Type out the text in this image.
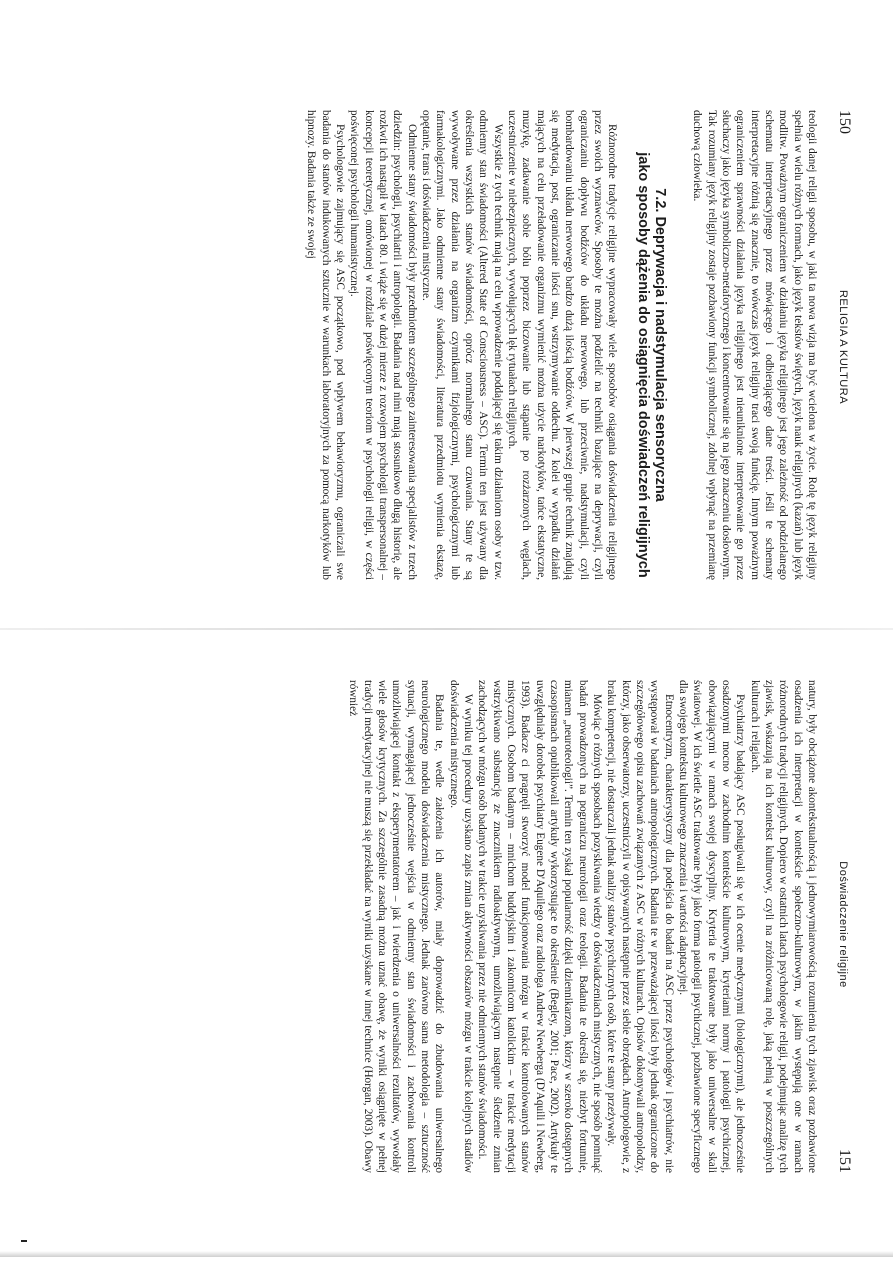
150
RELIGIA A KULTURA

teologii danej religii sposobu, w jaki ta nowa wizja ma być wcielona w życie. Rolę tę język religijny spełnia w wielu różnych formach, jako język tekstów świętych, język nauk religijnych (kazań) lub język modlitw. Poważnym ograniczeniem w działaniu języka religijnego jest jego zależność od podzielanego schematu interpretacyjnego przez mówiącego i odbierającego dane treści. Jeśli te schematy interpretacyjne różnią się znacznie, to wówczas język religijny traci swoją funkcję. Innym poważnym ograniczeniem sprawności działania języka religijnego jest nieuniknione interpretowanie go przez słuchaczy jako języka symboliczno-metaforycznego i koncentrowanie się na jego znaczeniu dosłownym. Tak rozumiany język religijny zostaje pozbawiony funkcji symbolicznej, zdolnej wpłynąć na przemianę duchową człowieka.

7.2. Deprywacja i nadstymulacja sensoryczna
jako sposoby dążenia do osiągnięcia doświadczeń religijnych

Różnorodne tradycje religijne wypracowały wiele sposobów osiągania doświadczenia religijnego przez swoich wyznawców. Sposoby te można podzielić na techniki bazujące na deprywacji, czyli ograniczaniu dopływu bodźców do układu nerwowego, lub przeciwnie, nadstymulacji, czyli bombardowaniu układu nerwowego bardzo dużą ilością bodźców. W pierwszej grupie technik znajdują się medytacja, post, ograniczanie ilości snu, wstrzymywanie oddechu. Z kolei w wypadku działań mających na celu przeładowanie organizmu wymienić można użycie narkotyków, tańce ekstatyczne, muzykę, zadawanie sobie bólu poprzez biczowanie lub stąpanie po rozżarzonych węglach, uczestniczenie w niebezpiecznych, wywołujących lęk rytuałach religijnych.

Wszystkie z tych technik mają na celu wprowadzenie poddającej się takim działaniom osoby w tzw. odmienny stan świadomości (Altered State of Consciousness – ASC). Termin ten jest używany dla określenia wszystkich stanów świadomości, oprócz normalnego stanu czuwania. Stany te są wywoływane przez działania na organizm czynnikami fizjologicznymi, psychologicznymi lub farmakologicznymi. Jako odmienne stany świadomości, literatura przedmiotu wymienia ekstazę, opętanie, trans i doświadczenia mistyczne.

Odmienne stany świadomości były przedmiotem szczególnego zainteresowania specjalistów z trzech dziedzin: psychologii, psychiatrii i antropologii. Badania nad nimi mają stosunkowo długą historię, ale rozkwit ich nastąpił w latach 80. i wiąże się w dużej mierze z rozwojem psychologii transpersonalnej – koncepcji teoretycznej, omówionej w rozdziale poświęconym teoriom w psychologii religii, w części poświęconej psychologii humanistycznej.

Psychologowie zajmujący się ASC początkowo, pod wpływem behawioryzmu, ograniczali swe badania do stanów indukowanych sztucznie w warunkach laboratoryjnych za pomocą narkotyków lub hipnozy. Badania także ze swojej

Doświadczenie religijne
151

natury, były obciążone akontekstualnością i jednowymiarowością rozumienia tych zjawisk oraz pozbawione osadzenia ich interpretacji w kontekście społeczno-kulturowym, w jakim występują one w ramach różnorodnych tradycji religijnych. Dopiero w ostatnich latach psychologowie religii, podejmując analizę tych zjawisk, wskazują na ich kontekst kulturowy, czyli na zróżnicowaną rolę, jaką pełnią w poszczególnych kulturach i religiach.

Psychiatrzy badający ASC posługiwali się w ich ocenie medycznymi (biologicznymi), ale jednocześnie osadzonymi mocno w zachodnim kontekście kulturowym, kryteriami normy i patologii psychicznej, obowiązującymi w ramach swojej dyscypliny. Kryteria te traktowane były jako uniwersalne w skali światowej. W ich świetle ASC traktowane były jako forma patologii psychicznej, pozbawione specyficznego dla swojego kontekstu kulturowego znaczenia i wartości adaptacyjnej.

Etnocentryzm, charakterystyczny dla podejścia do badań na ASC przez psychologów i psychiatrów, nie występował w badaniach antropologicznych. Badania te w przeważającej ilości były jednak ograniczone do szczegółowego opisu zachowań związanych z ASC w różnych kulturach. Opisów dokonywali antropolodzy, którzy, jako obserwatorzy, uczestniczyli w opisywanych następnie przez siebie obrzędach. Antropologowie, z braku kompetencji, nie dostarczali jednak analizy stanów psychicznych osób, które te stany przeżywały.

Mówiąc o różnych sposobach pozyskiwania wiedzy o doświadczeniach mistycznych, nie sposób pominąć badań prowadzonych na pograniczu neurologii oraz teologii. Badania te określa się, niezbyt fortunnie, mianem „neuroteologii”. Termin ten zyskał popularność dzięki dziennikarzom, którzy w szeroko dostępnych czasopismach opublikowali artykuły wykorzystujące to określenie (Begley, 2001; Pace, 2002). Artykuły te uwzględniały dorobek psychiatry Eugene D'Aquilego oraz radiologa Andrew Newberga (D'Aquili i Newberg, 1993). Badacze ci pragnęli stworzyć model funkcjonowania mózgu w trakcie kontrolowanych stanów mistycznych. Osobom badanym – mnichom buddyjskim i zakonnicom katolickim – w trakcie medytacji wstrzykiwano substancję ze znacznikiem radioaktywnym, umożliwiającym następnie śledzenie zmian zachodzących w mózgu osób badanych w trakcie uzyskiwania przez nie odmiennych stanów świadomości.

W wyniku tej procedury uzyskano zapis zmian aktywności obszarów mózgu w trakcie kolejnych stadiów doświadczenia mistycznego.

Badania te, wedle założenia ich autorów, miały doprowadzić do zbudowania uniwersalnego neurologicznego modelu doświadczenia mistycznego. Jednak zarówno sama metodologia – sztuczność sytuacji, wymagającej jednocześnie wejścia w odmienny stan świadomości i zachowania kontroli umożliwiającej kontakt z eksperymentatorem – jak i twierdzenia o uniwersalności rezultatów, wywołały wiele głosów krytycznych. Za szczególnie zasadną można uznać obawę, że wyniki osiągnięte w pełnej tradycji medytacyjnej nie muszą się przekładać na wyniki uzyskane w innej technice (Horgan, 2003). Obawy również
